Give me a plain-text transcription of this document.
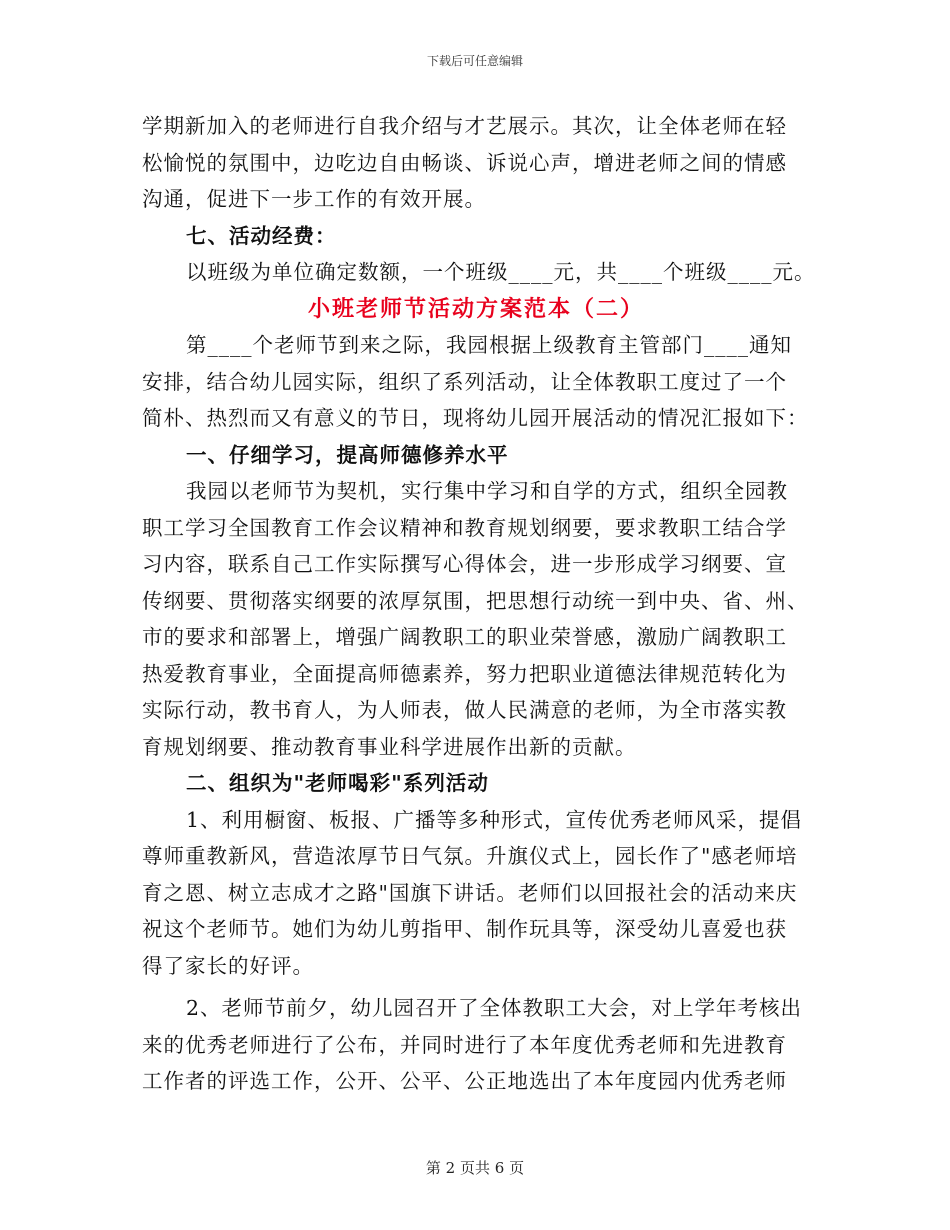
下载后可任意编辑
学期新加入的老师进行自我介绍与才艺展示。其次，让全体老师在轻
松愉悦的氛围中，边吃边自由畅谈、诉说心声，增进老师之间的情感
沟通，促进下一步工作的有效开展。
七、活动经费：
以班级为单位确定数额，一个班级____元，共____个班级____元。
小班老师节活动方案范本（二）
第____个老师节到来之际，我园根据上级教育主管部门____通知
安排，结合幼儿园实际，组织了系列活动，让全体教职工度过了一个
简朴、热烈而又有意义的节日，现将幼儿园开展活动的情况汇报如下：
一、仔细学习，提高师德修养水平
我园以老师节为契机，实行集中学习和自学的方式，组织全园教
职工学习全国教育工作会议精神和教育规划纲要，要求教职工结合学
习内容，联系自己工作实际撰写心得体会，进一步形成学习纲要、宣
传纲要、贯彻落实纲要的浓厚氛围，把思想行动统一到中央、省、州、
市的要求和部署上，增强广阔教职工的职业荣誉感，激励广阔教职工
热爱教育事业，全面提高师德素养，努力把职业道德法律规范转化为
实际行动，教书育人，为人师表，做人民满意的老师，为全市落实教
育规划纲要、推动教育事业科学进展作出新的贡献。
二、组织为"老师喝彩"系列活动
1、利用橱窗、板报、广播等多种形式，宣传优秀老师风采，提倡
尊师重教新风，营造浓厚节日气氛。升旗仪式上，园长作了"感老师培
育之恩、树立志成才之路"国旗下讲话。老师们以回报社会的活动来庆
祝这个老师节。她们为幼儿剪指甲、制作玩具等，深受幼儿喜爱也获
得了家长的好评。
2、老师节前夕，幼儿园召开了全体教职工大会，对上学年考核出
来的优秀老师进行了公布，并同时进行了本年度优秀老师和先进教育
工作者的评选工作，公开、公平、公正地选出了本年度园内优秀老师
第 2 页共 6 页
